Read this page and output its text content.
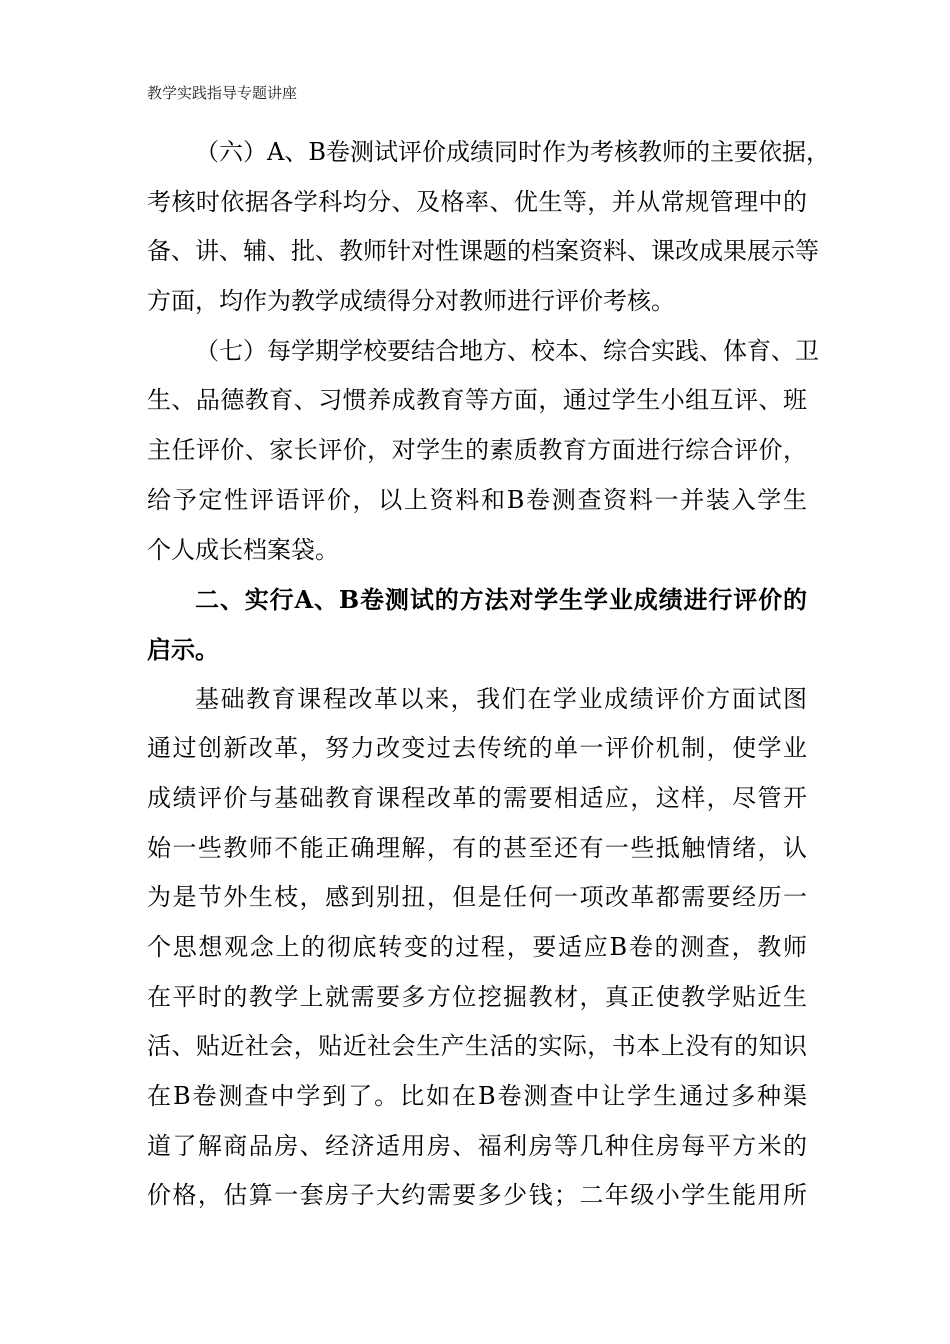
教学实践指导专题讲座
（六）A、B卷测试评价成绩同时作为考核教师的主要依据，
考核时依据各学科均分、及格率、优生等，并从常规管理中的
备、讲、辅、批、教师针对性课题的档案资料、课改成果展示等
方面，均作为教学成绩得分对教师进行评价考核。
（七）每学期学校要结合地方、校本、综合实践、体育、卫
生、品德教育、习惯养成教育等方面，通过学生小组互评、班
主任评价、家长评价，对学生的素质教育方面进行综合评价，
给予定性评语评价，以上资料和B卷测查资料一并装入学生
个人成长档案袋。
二、实行A、B卷测试的方法对学生学业成绩进行评价的
启示。
基础教育课程改革以来，我们在学业成绩评价方面试图
通过创新改革，努力改变过去传统的单一评价机制，使学业
成绩评价与基础教育课程改革的需要相适应，这样，尽管开
始一些教师不能正确理解，有的甚至还有一些抵触情绪，认
为是节外生枝，感到别扭，但是任何一项改革都需要经历一
个思想观念上的彻底转变的过程，要适应B卷的测查，教师
在平时的教学上就需要多方位挖掘教材，真正使教学贴近生
活、贴近社会，贴近社会生产生活的实际，书本上没有的知识
在B卷测查中学到了。比如在B卷测查中让学生通过多种渠
道了解商品房、经济适用房、福利房等几种住房每平方米的
价格，估算一套房子大约需要多少钱；二年级小学生能用所
